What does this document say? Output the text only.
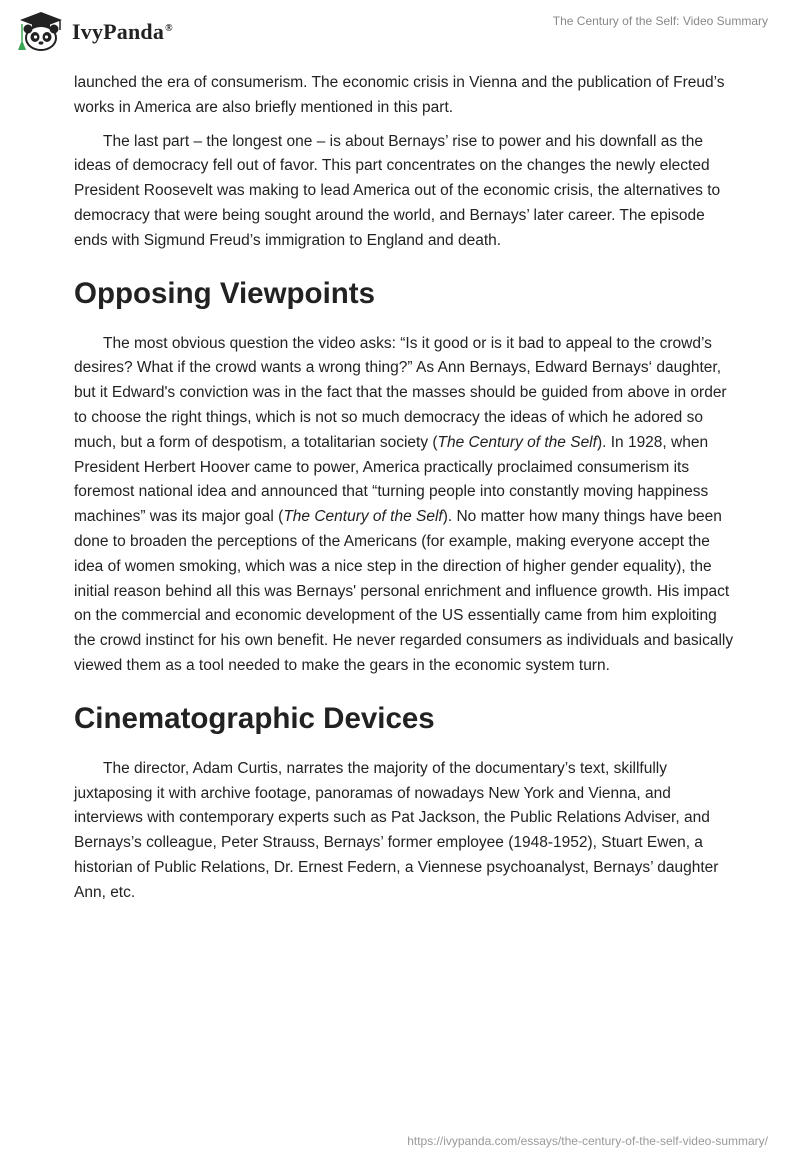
IvyPanda®
The Century of the Self: Video Summary

launched the era of consumerism. The economic crisis in Vienna and the publication of Freud’s works in America are also briefly mentioned in this part.

The last part – the longest one – is about Bernays’ rise to power and his downfall as the ideas of democracy fell out of favor. This part concentrates on the changes the newly elected President Roosevelt was making to lead America out of the economic crisis, the alternatives to democracy that were being sought around the world, and Bernays’ later career. The episode ends with Sigmund Freud’s immigration to England and death.

Opposing Viewpoints

The most obvious question the video asks: “Is it good or is it bad to appeal to the crowd’s desires? What if the crowd wants a wrong thing?” As Ann Bernays, Edward Bernays‘ daughter, but it Edward's conviction was in the fact that the masses should be guided from above in order to choose the right things, which is not so much democracy the ideas of which he adored so much, but a form of despotism, a totalitarian society (The Century of the Self). In 1928, when President Herbert Hoover came to power, America practically proclaimed consumerism its foremost national idea and announced that “turning people into constantly moving happiness machines” was its major goal (The Century of the Self). No matter how many things have been done to broaden the perceptions of the Americans (for example, making everyone accept the idea of women smoking, which was a nice step in the direction of higher gender equality), the initial reason behind all this was Bernays' personal enrichment and influence growth. His impact on the commercial and economic development of the US essentially came from him exploiting the crowd instinct for his own benefit. He never regarded consumers as individuals and basically viewed them as a tool needed to make the gears in the economic system turn.

Cinematographic Devices

The director, Adam Curtis, narrates the majority of the documentary’s text, skillfully juxtaposing it with archive footage, panoramas of nowadays New York and Vienna, and interviews with contemporary experts such as Pat Jackson, the Public Relations Adviser, and Bernays’s colleague, Peter Strauss, Bernays’ former employee (1948-1952), Stuart Ewen, a historian of Public Relations, Dr. Ernest Federn, a Viennese psychoanalyst, Bernays’ daughter Ann, etc.

https://ivypanda.com/essays/the-century-of-the-self-video-summary/
